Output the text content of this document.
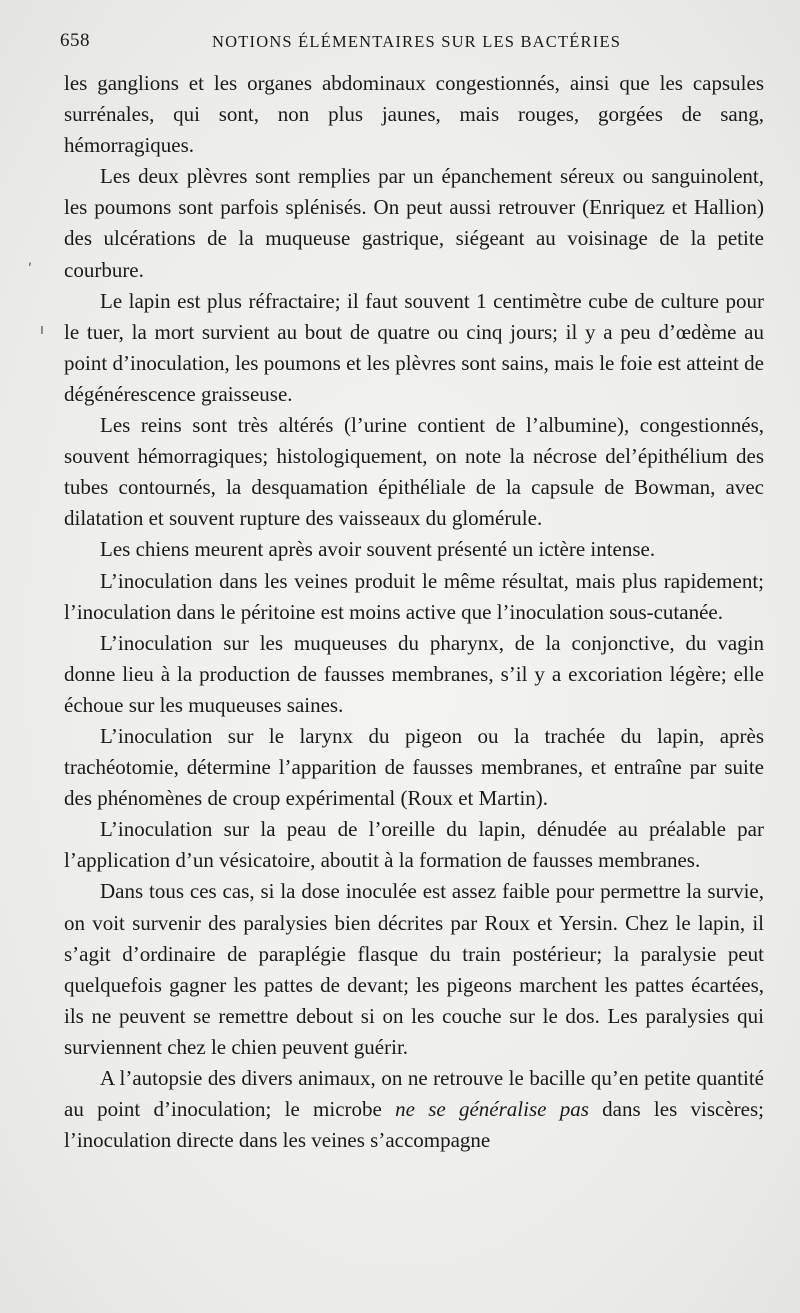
658	NOTIONS ÉLÉMENTAIRES SUR LES BACTÉRIES
ʹ
ı

les ganglions et les organes abdominaux congestionnés, ainsi que les capsules surrénales, qui sont, non plus jaunes, mais rouges, gorgées de sang, hémorragiques.

Les deux plèvres sont remplies par un épanchement séreux ou sanguinolent, les poumons sont parfois splénisés. On peut aussi retrouver (Enriquez et Hallion) des ulcérations de la muqueuse gastrique, siégeant au voisinage de la petite courbure.

Le lapin est plus réfractaire; il faut souvent 1 centimètre cube de culture pour le tuer, la mort survient au bout de quatre ou cinq jours; il y a peu d’œdème au point d’inoculation, les poumons et les plèvres sont sains, mais le foie est atteint de dégénérescence graisseuse.

Les reins sont très altérés (l’urine contient de l’albumine), congestionnés, souvent hémorragiques; histologiquement, on note la nécrose del’épithélium des tubes contournés, la desquamation épithéliale de la capsule de Bowman, avec dilatation et souvent rupture des vaisseaux du glomérule.

Les chiens meurent après avoir souvent présenté un ictère intense.

L’inoculation dans les veines produit le même résultat, mais plus rapidement; l’inoculation dans le péritoine est moins active que l’inoculation sous-cutanée.

L’inoculation sur les muqueuses du pharynx, de la conjonctive, du vagin donne lieu à la production de fausses membranes, s’il y a excoriation légère; elle échoue sur les muqueuses saines.

L’inoculation sur le larynx du pigeon ou la trachée du lapin, après trachéotomie, détermine l’apparition de fausses membranes, et entraîne par suite des phénomènes de croup expérimental (Roux et Martin).

L’inoculation sur la peau de l’oreille du lapin, dénudée au préalable par l’application d’un vésicatoire, aboutit à la formation de fausses membranes.

Dans tous ces cas, si la dose inoculée est assez faible pour permettre la survie, on voit survenir des paralysies bien décrites par Roux et Yersin. Chez le lapin, il s’agit d’ordinaire de paraplégie flasque du train postérieur; la paralysie peut quelquefois gagner les pattes de devant; les pigeons marchent les pattes écartées, ils ne peuvent se remettre debout si on les couche sur le dos. Les paralysies qui surviennent chez le chien peuvent guérir.

A l’autopsie des divers animaux, on ne retrouve le bacille qu’en petite quantité au point d’inoculation; le microbe ne se généralise pas dans les viscères; l’inoculation directe dans les veines s’accompagne
